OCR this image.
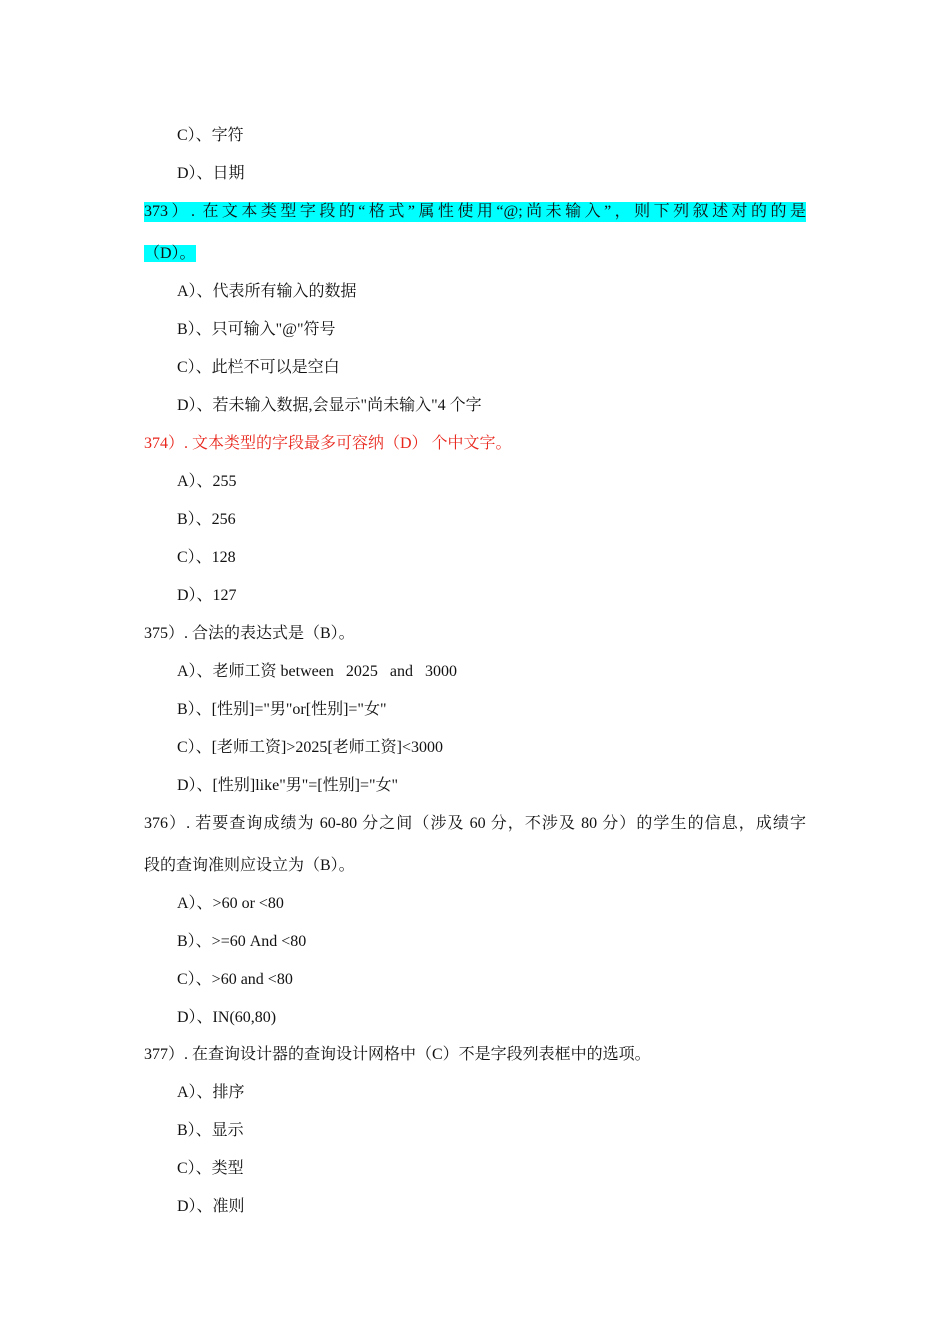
C）、字符
D）、日期
373）. 在文本类型字段的“格式”属性使用“@;尚未输入”，则下列叙述对的的是
（D）。
A）、代表所有输入的数据
B）、只可输入"@"符号
C）、此栏不可以是空白
D）、若未输入数据,会显示"尚未输入"4 个字
374）. 文本类型的字段最多可容纳（D） 个中文字。
A）、255
B）、256
C）、128
D）、127
375）. 合法的表达式是（B）。
A）、老师工资 between   2025   and   3000
B）、[性别]="男"or[性别]="女"
C）、[老师工资]>2025[老师工资]<3000
D）、[性别]like"男"=[性别]="女"
376）. 若要查询成绩为 60-80 分之间（涉及 60 分，不涉及 80 分）的学生的信息，成绩字
段的查询准则应设立为（B）。
A）、>60 or <80
B）、>=60 And <80
C）、>60 and <80
D）、IN(60,80)
377）. 在查询设计器的查询设计网格中（C）不是字段列表框中的选项。
A）、排序
B）、显示
C）、类型
D）、准则
